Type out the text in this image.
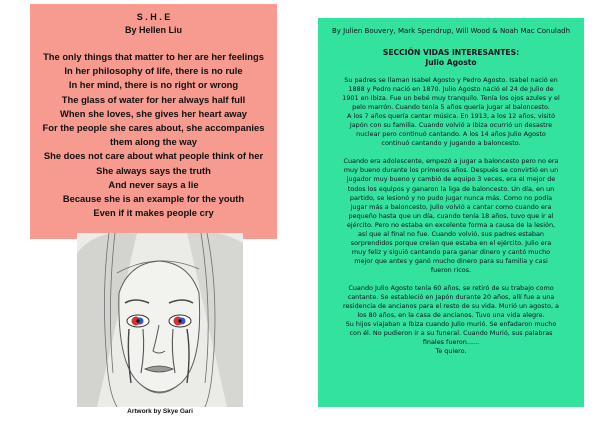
S . H . E
By Hellen Liu
The only things that matter to her are her feelings
In her philosophy of life, there is no rule
In her mind, there is no right or wrong
The glass of water for her always half full
When she loves, she gives her heart away
For the people she cares about, she accompanies
them along the way
She does not care about what people think of her
She always says the truth
And never says a lie
Because she is an example for the youth
Even if it makes people cry
Artwork by Skye Gari
By Julien Bouvery, Mark Spendrup, Will Wood & Noah Mac Conuladh
SECCIÓN VIDAS INTERESANTES:
Julio Agosto
Su padres se llaman Isabel Agosto y Pedro Agosto. Isabel nació en
1888 y Pedro nació en 1870. Julio Agosto nació el 24 de Julio de
1901 en Ibiza. Fue un bebé muy tranquilo. Tenía los ojos azules y el
pelo marrón. Cuando tenía 5 años quería jugar al baloncesto.
A los 7 años quería cantar música. En 1913, a los 12 años, visitó
Japón con su familia. Cuando volvió a Ibiza ocurrió un desastre
nuclear pero continuó cantando. A los 14 años Julio Agosto
continuó cantando y jugando a baloncesto.
Cuando era adolescente, empezó a jugar a baloncesto pero no era
muy bueno durante los primeros años. Después se convirtió en un
jugador muy bueno y cambió de equipo 3 veces, era el mejor de
todos los equipos y ganaron la liga de baloncesto. Un día, en un
partido, se lesionó y no pudo jugar nunca más. Como no podía
jugar más a baloncesto, Julio volvió a cantar como cuando era
pequeño hasta que un día, cuando tenía 18 años, tuvo que ir al
ejército. Pero no estaba en excelente forma a causa de la lesión,
así que al final no fue. Cuando volvió, sus padres estaban
sorprendidos porque creían que estaba en el ejército. Julio era
muy feliz y siguió cantando para ganar dinero y cantó mucho
mejor que antes y ganó mucho dinero para su familia y casi
fueron ricos.
Cuando Julio Agosto tenía 60 años, se retiró de su trabajo como
cantante. Se estableció en Japón durante 20 años, allí fue a una
residencia de ancianos para el resto de su vida. Murió un agosto, a
los 80 años, en la casa de ancianos. Tuvo una vida alegre.
Su hijos viajaban a Ibiza cuando Julio murió. Se enfadaron mucho
con él. No pudieron ir a su funeral. Cuando Murió, sus palabras
finales fueron......
Te quiero.
